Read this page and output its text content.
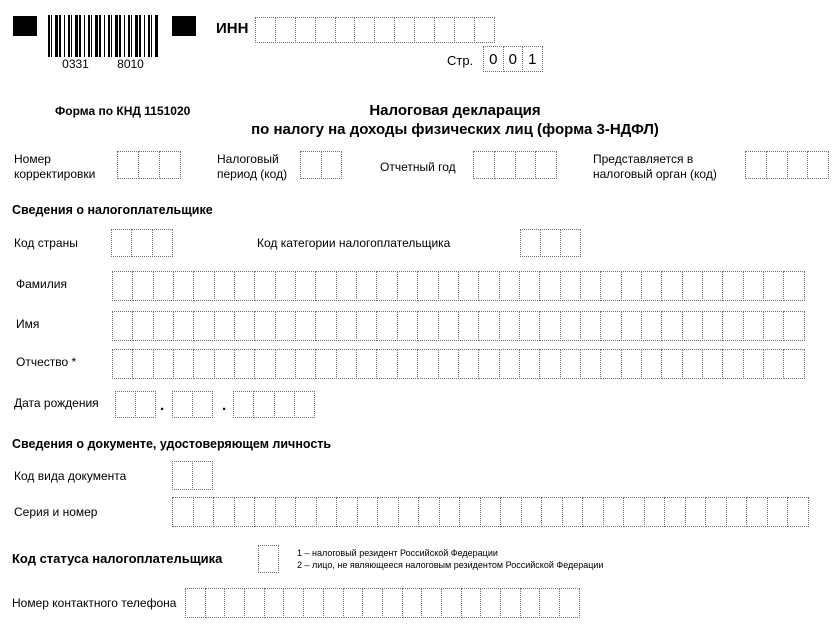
0331 8010
ИНН
Стр.	0 0 1
Форма по КНД 1151020	Налоговая декларация
по налогу на доходы физических лиц (форма 3-НДФЛ)
Номер
корректировки
Налоговый
период (код)	Отчетный год
Представляется в
налоговый орган (код)
Сведения о налогоплательщике
Код страны	Код категории налогоплательщика
Фамилия
Имя
Отчество *
Дата рождения	.	.
Сведения о документе, удостоверяющем личность
Код вида документа
Серия и номер
Код статуса налогоплательщика	1 – налоговый резидент Российской Федерации
2 – лицо, не являющееся налоговым резидентом Российской Федерации
Номер контактного телефона
